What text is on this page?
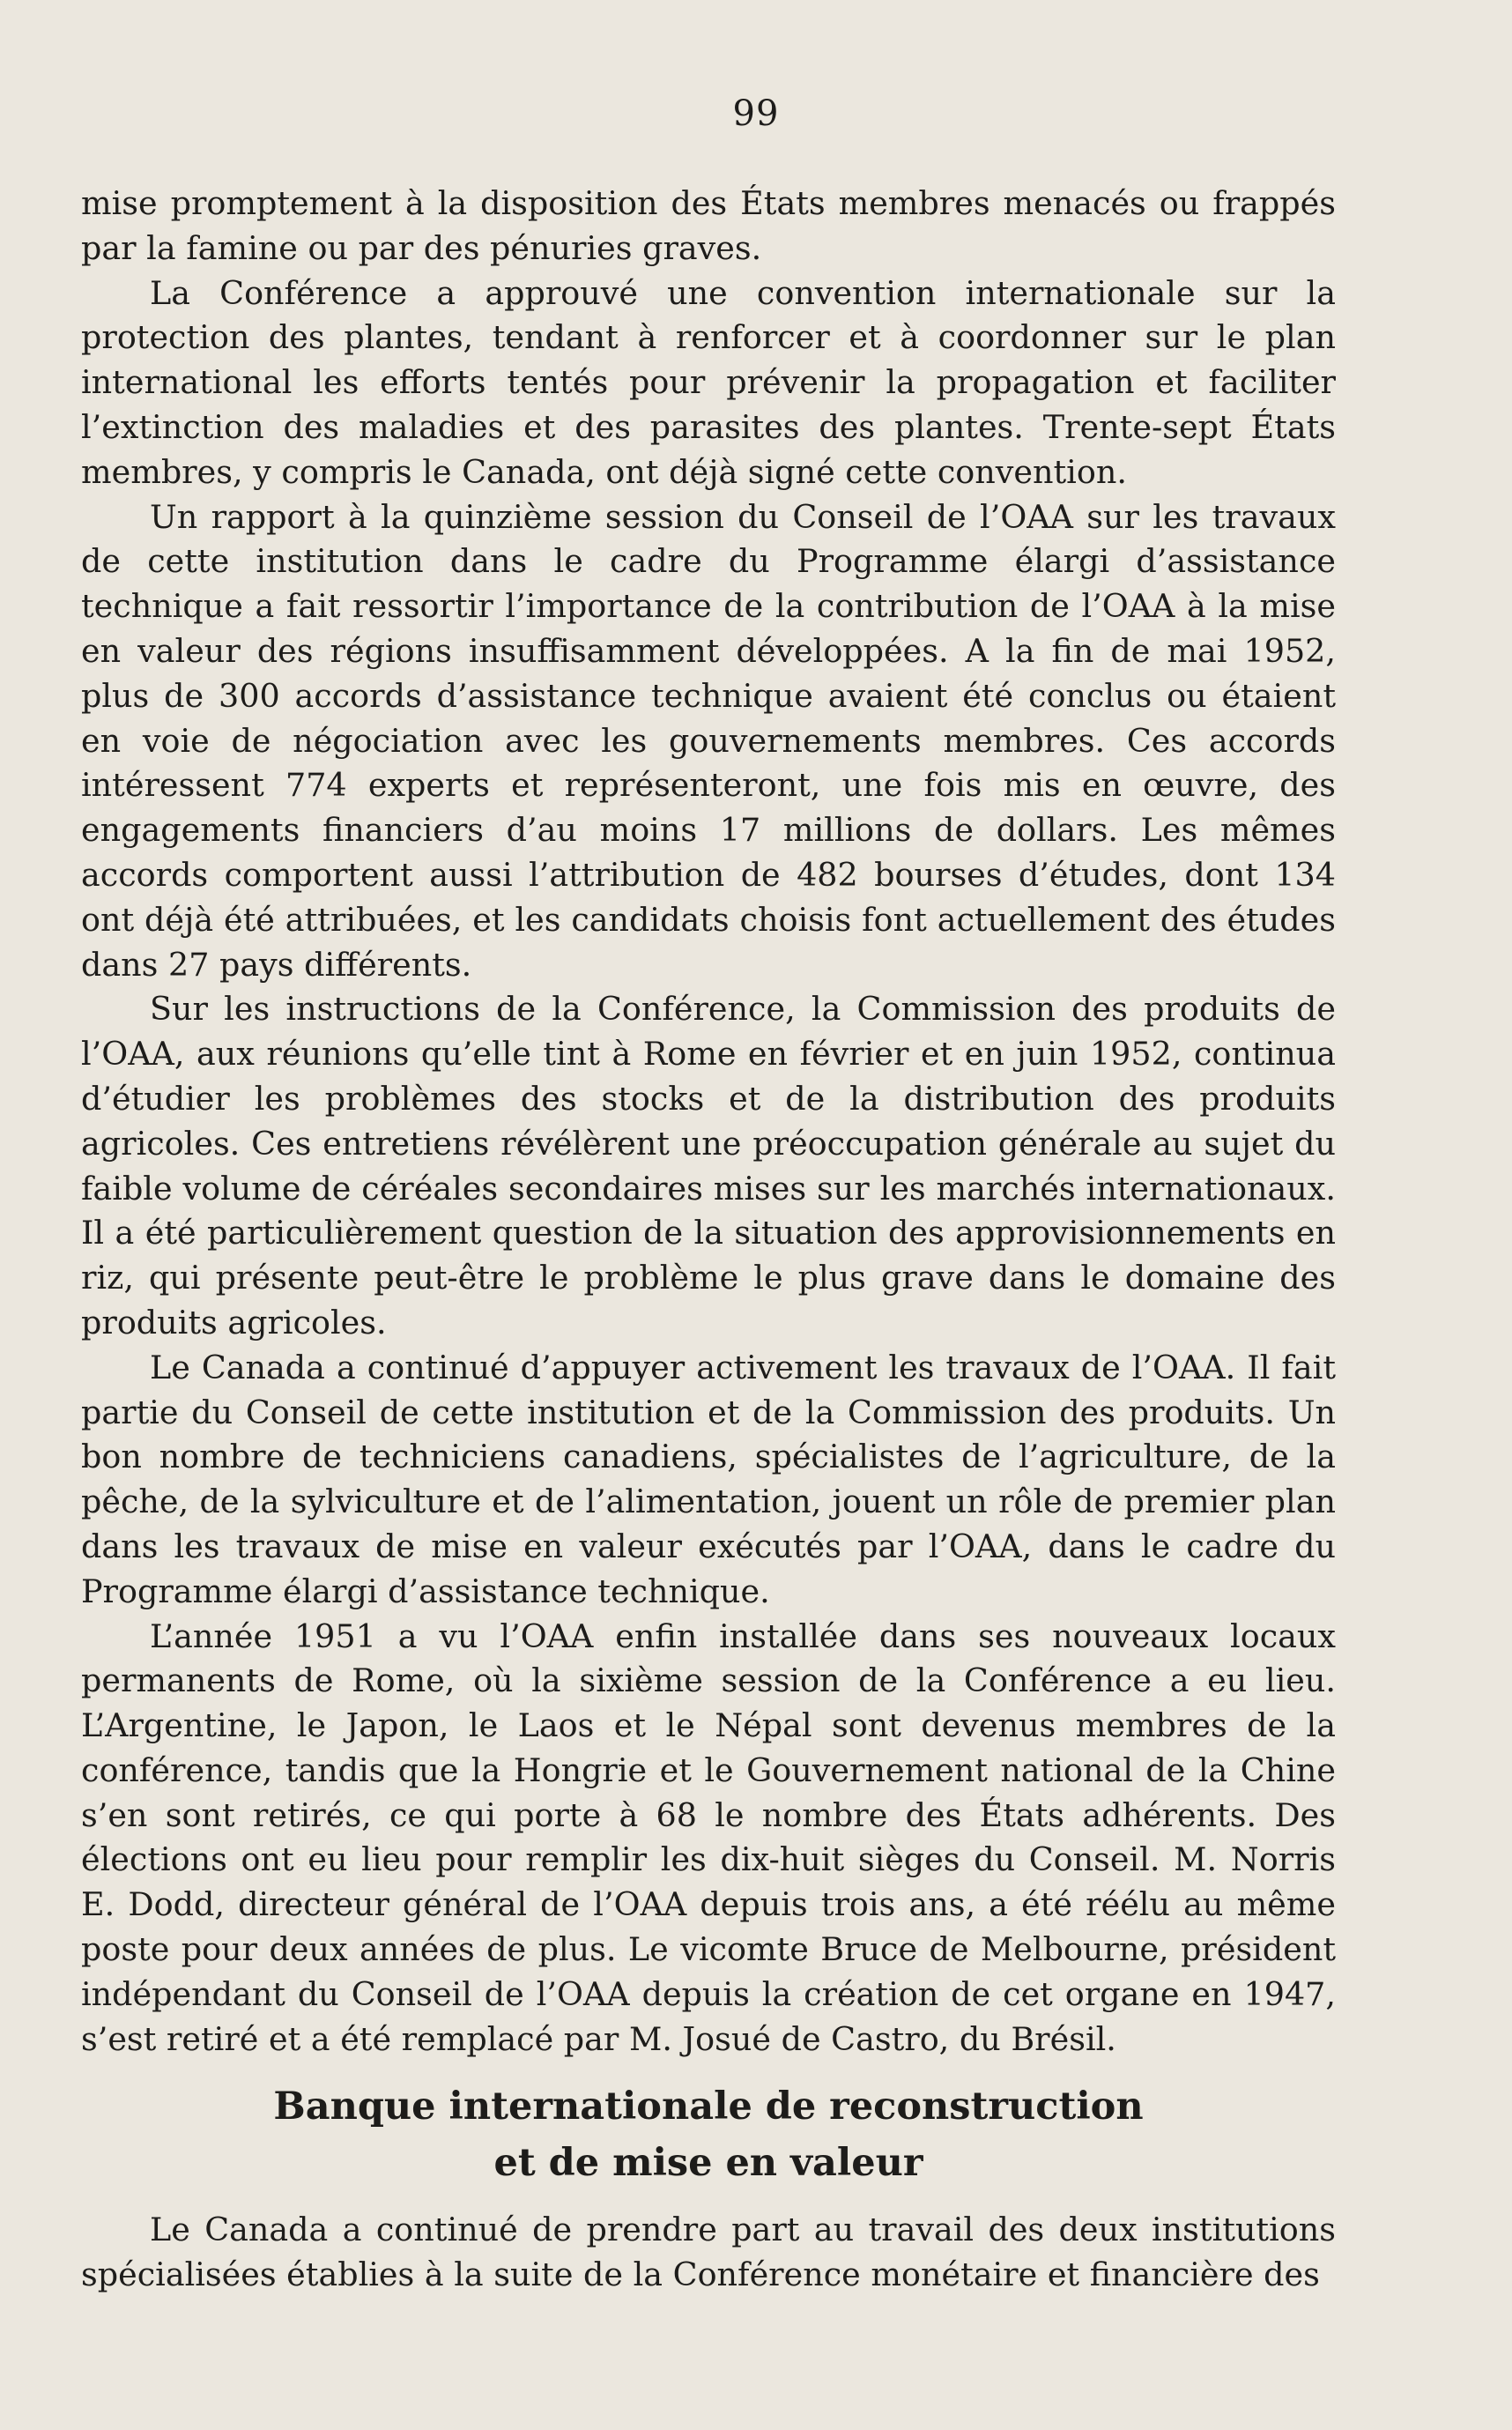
99

mise promptement à la disposition des États membres menacés ou frappés par la famine ou par des pénuries graves.

La Conférence a approuvé une convention internationale sur la protection des plantes, tendant à renforcer et à coordonner sur le plan international les efforts tentés pour prévenir la propagation et faciliter l’extinction des maladies et des parasites des plantes. Trente-sept États membres, y compris le Canada, ont déjà signé cette convention.

Un rapport à la quinzième session du Conseil de l’OAA sur les travaux de cette institution dans le cadre du Programme élargi d’assistance technique a fait ressortir l’importance de la contribution de l’OAA à la mise en valeur des régions insuffisamment développées. A la fin de mai 1952, plus de 300 accords d’assistance technique avaient été conclus ou étaient en voie de négociation avec les gouvernements membres. Ces accords intéressent 774 experts et représenteront, une fois mis en œuvre, des engagements financiers d’au moins 17 millions de dollars. Les mêmes accords comportent aussi l’attribution de 482 bourses d’études, dont 134 ont déjà été attribuées, et les candidats choisis font actuellement des études dans 27 pays différents.

Sur les instructions de la Conférence, la Commission des produits de l’OAA, aux réunions qu’elle tint à Rome en février et en juin 1952, continua d’étudier les problèmes des stocks et de la distribution des produits agricoles. Ces entretiens révélèrent une préoccupation générale au sujet du faible volume de céréales secondaires mises sur les marchés internationaux. Il a été particulièrement question de la situation des approvisionnements en riz, qui présente peut-être le problème le plus grave dans le domaine des produits agricoles.

Le Canada a continué d’appuyer activement les travaux de l’OAA. Il fait partie du Conseil de cette institution et de la Commission des produits. Un bon nombre de techniciens canadiens, spécialistes de l’agriculture, de la pêche, de la sylviculture et de l’alimentation, jouent un rôle de premier plan dans les travaux de mise en valeur exécutés par l’OAA, dans le cadre du Programme élargi d’assistance technique.

L’année 1951 a vu l’OAA enfin installée dans ses nouveaux locaux permanents de Rome, où la sixième session de la Conférence a eu lieu. L’Argentine, le Japon, le Laos et le Népal sont devenus membres de la conférence, tandis que la Hongrie et le Gouvernement national de la Chine s’en sont retirés, ce qui porte à 68 le nombre des États adhérents. Des élections ont eu lieu pour remplir les dix-huit sièges du Conseil. M. Norris E. Dodd, directeur général de l’OAA depuis trois ans, a été réélu au même poste pour deux années de plus. Le vicomte Bruce de Melbourne, président indépendant du Conseil de l’OAA depuis la création de cet organe en 1947, s’est retiré et a été remplacé par M. Josué de Castro, du Brésil.

Banque internationale de reconstruction
et de mise en valeur

Le Canada a continué de prendre part au travail des deux institutions spécialisées établies à la suite de la Conférence monétaire et financière des
